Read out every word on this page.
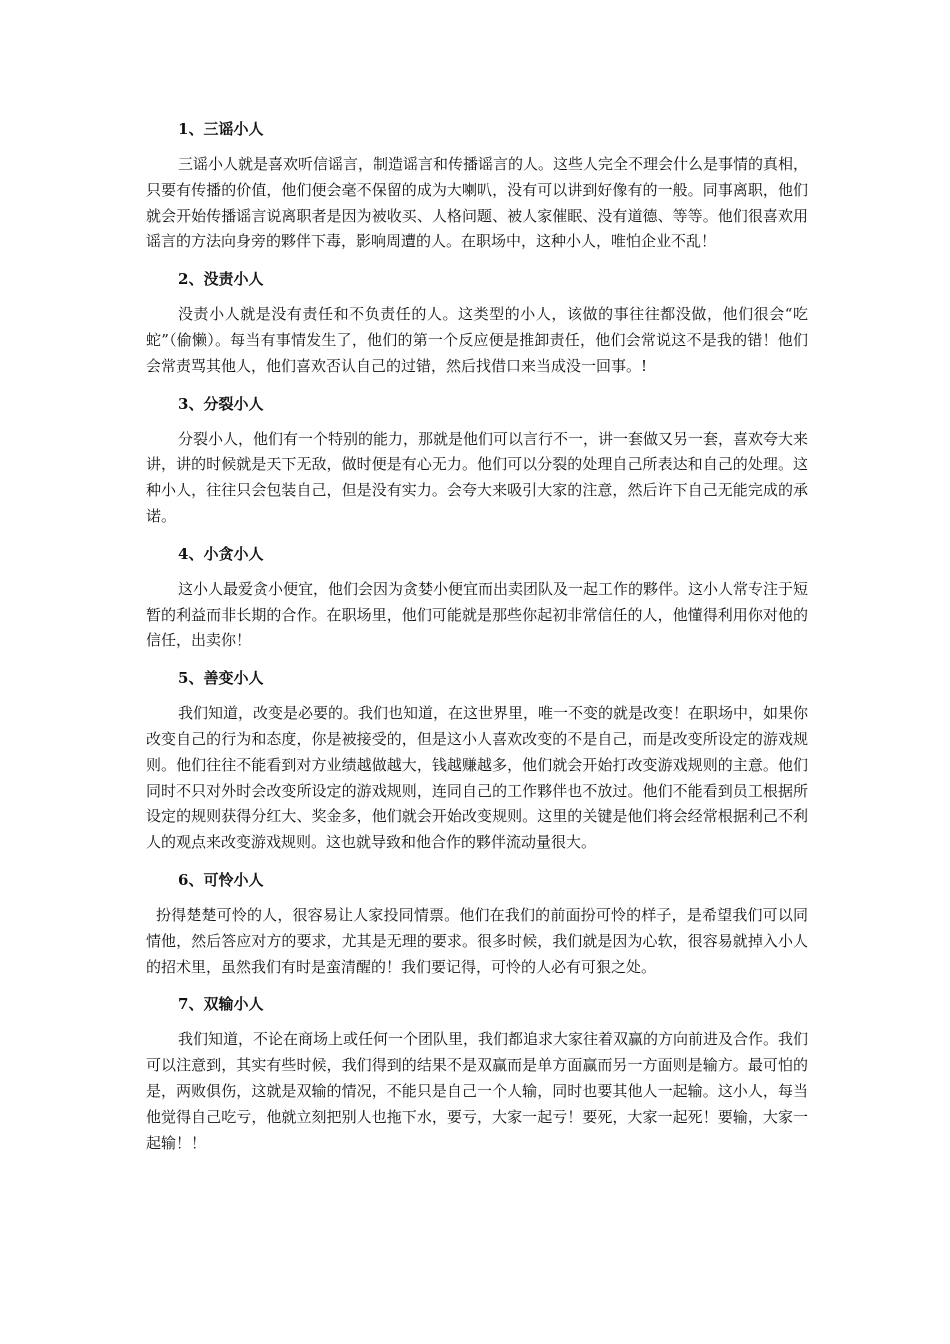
1、三谣小人

三谣小人就是喜欢听信谣言，制造谣言和传播谣言的人。这些人完全不理会什么是事情的真相，只要有传播的价值，他们便会毫不保留的成为大喇叭，没有可以讲到好像有的一般。同事离职，他们就会开始传播谣言说离职者是因为被收买、人格问题、被人家催眠、没有道德、等等。他们很喜欢用谣言的方法向身旁的夥伴下毒，影响周遭的人。在职场中，这种小人，唯怕企业不乱！

2、没责小人

没责小人就是没有责任和不负责任的人。这类型的小人，该做的事往往都没做，他们很会“吃蛇”（偷懒）。每当有事情发生了，他们的第一个反应便是推卸责任，他们会常说这不是我的错！他们会常责骂其他人，他们喜欢否认自己的过错，然后找借口来当成没一回事。!

3、分裂小人

分裂小人，他们有一个特别的能力，那就是他们可以言行不一，讲一套做又另一套，喜欢夸大来讲，讲的时候就是天下无敌，做时便是有心无力。他们可以分裂的处理自己所表达和自己的处理。这种小人，往往只会包装自己，但是没有实力。会夸大来吸引大家的注意，然后许下自己无能完成的承诺。

4、小贪小人

这小人最爱贪小便宜，他们会因为贪婪小便宜而出卖团队及一起工作的夥伴。这小人常专注于短暂的利益而非长期的合作。在职场里，他们可能就是那些你起初非常信任的人，他懂得利用你对他的信任，出卖你！

5、善变小人

我们知道，改变是必要的。我们也知道，在这世界里，唯一不变的就是改变！在职场中，如果你改变自己的行为和态度，你是被接受的，但是这小人喜欢改变的不是自己，而是改变所设定的游戏规则。他们往往不能看到对方业绩越做越大，钱越赚越多，他们就会开始打改变游戏规则的主意。他们同时不只对外时会改变所设定的游戏规则，连同自己的工作夥伴也不放过。他们不能看到员工根据所设定的规则获得分红大、奖金多，他们就会开始改变规则。这里的关键是他们将会经常根据利己不利人的观点来改变游戏规则。这也就导致和他合作的夥伴流动量很大。

6、可怜小人

扮得楚楚可怜的人，很容易让人家投同情票。他们在我们的前面扮可怜的样子，是希望我们可以同情他，然后答应对方的要求，尤其是无理的要求。很多时候，我们就是因为心软，很容易就掉入小人的招术里，虽然我们有时是蛮清醒的！我们要记得，可怜的人必有可狠之处。

7、双输小人

我们知道，不论在商场上或任何一个团队里，我们都追求大家往着双赢的方向前进及合作。我们可以注意到，其实有些时候，我们得到的结果不是双赢而是单方面赢而另一方面则是输方。最可怕的是，两败俱伤，这就是双输的情况，不能只是自己一个人输，同时也要其他人一起输。这小人，每当他觉得自己吃亏，他就立刻把别人也拖下水，要亏，大家一起亏！要死，大家一起死！要输，大家一起输！！
